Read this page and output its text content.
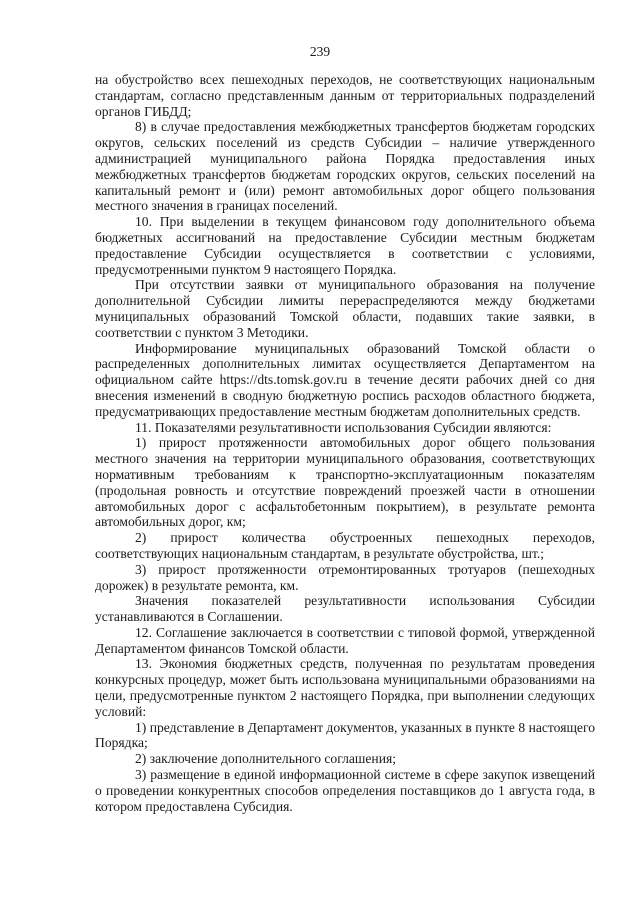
239

на обустройство всех пешеходных переходов, не соответствующих национальным стандартам, согласно представленным данным от территориальных подразделений органов ГИБДД;

8) в случае предоставления межбюджетных трансфертов бюджетам городских округов, сельских поселений из средств Субсидии – наличие утвержденного администрацией муниципального района Порядка предоставления иных межбюджетных трансфертов бюджетам городских округов, сельских поселений на капитальный ремонт и (или) ремонт автомобильных дорог общего пользования местного значения в границах поселений.

10. При выделении в текущем финансовом году дополнительного объема бюджетных ассигнований на предоставление Субсидии местным бюджетам предоставление Субсидии осуществляется в соответствии с условиями, предусмотренными пунктом 9 настоящего Порядка.

При отсутствии заявки от муниципального образования на получение дополнительной Субсидии лимиты перераспределяются между бюджетами муниципальных образований Томской области, подавших такие заявки, в соответствии с пунктом 3 Методики.

Информирование муниципальных образований Томской области о распределенных дополнительных лимитах осуществляется Департаментом на официальном сайте https://dts.tomsk.gov.ru в течение десяти рабочих дней со дня внесения изменений в сводную бюджетную роспись расходов областного бюджета, предусматривающих предоставление местным бюджетам дополнительных средств.

11. Показателями результативности использования Субсидии являются:

1) прирост протяженности автомобильных дорог общего пользования местного значения на территории муниципального образования, соответствующих нормативным требованиям к транспортно-эксплуатационным показателям (продольная ровность и отсутствие повреждений проезжей части в отношении автомобильных дорог с асфальтобетонным покрытием), в результате ремонта автомобильных дорог, км;

2) прирост количества обустроенных пешеходных переходов, соответствующих национальным стандартам, в результате обустройства, шт.;

3) прирост протяженности отремонтированных тротуаров (пешеходных дорожек) в результате ремонта, км.

Значения показателей результативности использования Субсидии устанавливаются в Соглашении.

12. Соглашение заключается в соответствии с типовой формой, утвержденной Департаментом финансов Томской области.

13. Экономия бюджетных средств, полученная по результатам проведения конкурсных процедур, может быть использована муниципальными образованиями на цели, предусмотренные пунктом 2 настоящего Порядка, при выполнении следующих условий:

1) представление в Департамент документов, указанных в пункте 8 настоящего Порядка;

2) заключение дополнительного соглашения;

3) размещение в единой информационной системе в сфере закупок извещений о проведении конкурентных способов определения поставщиков до 1 августа года, в котором предоставлена Субсидия.
